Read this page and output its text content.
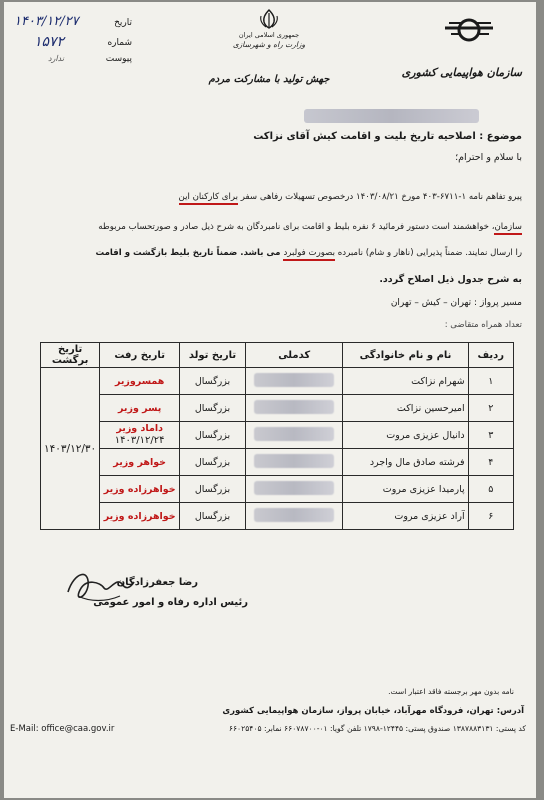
تاریخ
۱۴۰۳/۱۲/۲۷
شماره
۱۵۷۲
پیوست
ندارد
جمهوری اسلامی ایران
وزارت راه و شهرسازی
جهش تولید با مشارکت مردم
سازمان هواپیمایی کشوری
موضوع : اصلاحیه تاریخ بلیت و اقامت کیش آقای نزاکت
با سلام و احترام؛
پیرو تفاهم نامه ۱-۶۷۱۱-۴۰۳ مورخ ۱۴۰۳/۰۸/۲۱ درخصوص تسهیلات رفاهی سفر برای کارکنان این
سازمان، خواهشمند است دستور فرمائید ۶ نفره بلیط و اقامت برای نامبردگان به شرح ذیل صادر و صورتحساب مربوطه
را ارسال نمایند. ضمناً پذیرایی (ناهار و شام) نامبرده بصورت فولبرد می باشد. ضمناً تاریخ بلیط بازگشت و اقامت
به شرح جدول ذیل اصلاح گردد.
مسیر پرواز : تهران – کیش – تهران
تعداد همراه متقاضی :
ردیف	نام و نام خانوادگی	کدملی	تاریخ تولد	تاریخ رفت	تاریخ برگشت
۱	شهرام نزاکت		بزرگسال	همسروزیر	۱۴۰۳/۱۲/۳۰
۲	امیرحسین نزاکت		بزرگسال	پسر وزیر	
۳	دانیال عزیزی مروت		بزرگسال	داماد وزیر
۱۴۰۳/۱۲/۲۴	

۴	فرشته صادق مال واجرد		بزرگسال	خواهر وزیر	
۵	پارمیدا عزیزی مروت		بزرگسال	خواهرزاده وزیر	
۶	آراد عزیزی مروت		بزرگسال	خواهرزاده وزیر	
رضا جعفرزادگان
رئیس اداره رفاه و امور عمومی
نامه بدون مهر برجسته فاقد اعتبار است.
آدرس: تهران، فرودگاه مهرآباد، خیابان پرواز، سازمان هواپیمایی کشوری
کد پستی: ۱۳۸۷۸۸۳۱۳۱ صندوق پستی: ۱۲۴۴۵-۱۷۹۸ تلفن گویا: ۰۱-۶۶۰۷۸۷۰۰ نمابر: ۶۶۰۲۵۴۰۵
E-Mail: office@caa.gov.ir
